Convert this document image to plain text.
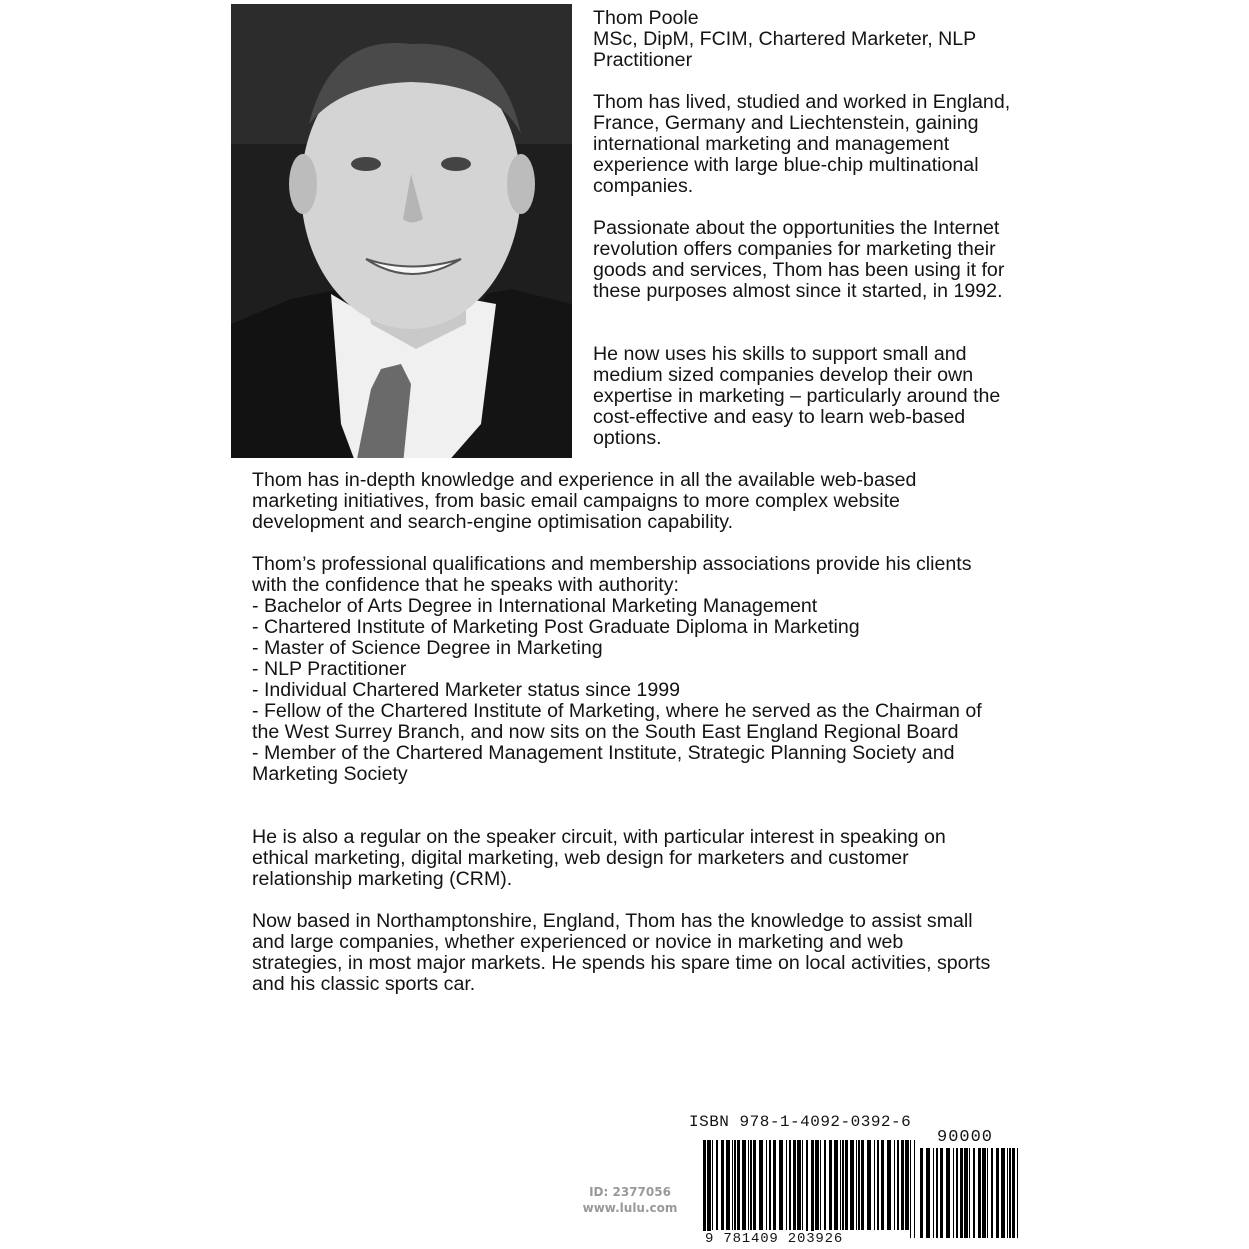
Thom Poole
MSc, DipM, FCIM, Chartered Marketer, NLP Practitioner

Thom has lived, studied and worked in England, France, Germany and Liechtenstein, gaining international marketing and management experience with large blue-chip multinational companies.

Passionate about the opportunities the Internet revolution offers companies for marketing their goods and services, Thom has been using it for these purposes almost since it started, in 1992.

He now uses his skills to support small and medium sized companies develop their own expertise in marketing – particularly around the cost-effective and easy to learn web-based options.

Thom has in-depth knowledge and experience in all the available web-based marketing initiatives, from basic email campaigns to more complex website development and search-engine optimisation capability.

Thom’s professional qualifications and membership associations provide his clients with the confidence that he speaks with authority:

- Bachelor of Arts Degree in International Marketing Management
- Chartered Institute of Marketing Post Graduate Diploma in Marketing
- Master of Science Degree in Marketing
- NLP Practitioner
- Individual Chartered Marketer status since 1999
- Fellow of the Chartered Institute of Marketing, where he served as the Chairman of the West Surrey Branch, and now sits on the South East England Regional Board
- Member of the Chartered Management Institute, Strategic Planning Society and Marketing Society

He is also a regular on the speaker circuit, with particular interest in speaking on ethical marketing, digital marketing, web design for marketers and customer relationship marketing (CRM).

Now based in Northamptonshire, England, Thom has the knowledge to assist small and large companies, whether experienced or novice in marketing and web strategies, in most major markets. He spends his spare time on local activities, sports and his classic sports car.

ID: 2377056
www.lulu.com
ISBN 978-1-4092-0392-6
90000
9 781409 203926
